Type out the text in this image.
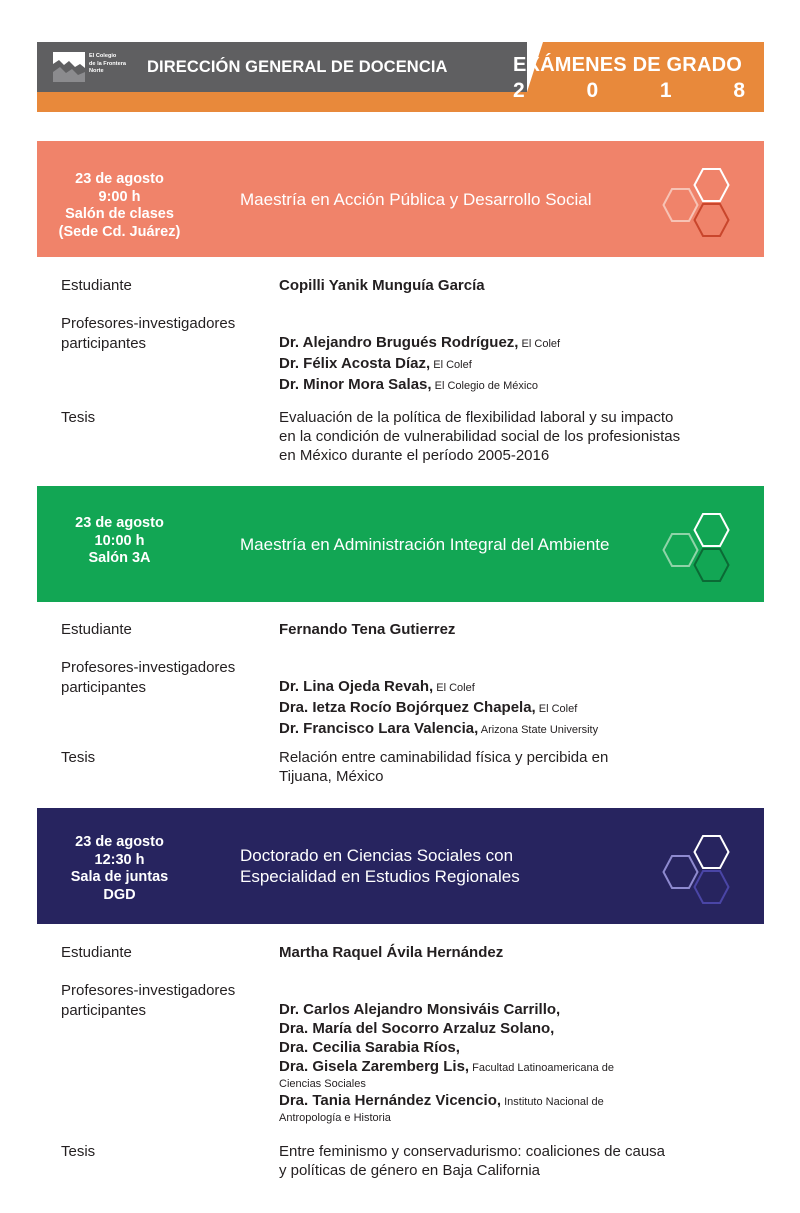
El Colegio
de la Frontera
Norte	DIRECCIÓN GENERAL DE DOCENCIA	EXÁMENES DE GRADO
2	0	1	8
23 de agosto
9:00 h
Salón de clases
(Sede Cd. Juárez)
Maestría en Acción Pública y Desarrollo Social
Estudiante	Copilli Yanik Munguía García
Profesores-investigadores
participantes	Dr. Alejandro Brugués Rodríguez, El Colef
Dr. Félix Acosta Díaz, El Colef
Dr. Minor Mora Salas, El Colegio de México
Tesis	Evaluación de la política de flexibilidad laboral y su impacto
en la condición de vulnerabilidad social de los profesionistas
en México durante el período 2005-2016
23 de agosto
10:00 h
Salón 3A
Maestría en Administración Integral del Ambiente
Estudiante	Fernando Tena Gutierrez
Profesores-investigadores
participantes	Dr. Lina Ojeda Revah, El Colef
Dra. Ietza Rocío Bojórquez Chapela, El Colef
Dr. Francisco Lara Valencia, Arizona State University
Tesis	Relación entre caminabilidad física y percibida en
Tijuana, México
23 de agosto
12:30 h
Sala de juntas
DGD
Doctorado en Ciencias Sociales con
Especialidad en Estudios Regionales
Estudiante	Martha Raquel Ávila Hernández
Profesores-investigadores
participantes	Dr. Carlos Alejandro Monsiváis Carrillo,
Dra. María del Socorro Arzaluz Solano,
Dra. Cecilia Sarabia Ríos,
Dra. Gisela Zaremberg Lis, Facultad Latinoamericana de
Ciencias Sociales
Dra. Tania Hernández Vicencio, Instituto Nacional de
Antropología e Historia
Tesis	Entre feminismo y conservadurismo: coaliciones de causa
y políticas de género en Baja California
